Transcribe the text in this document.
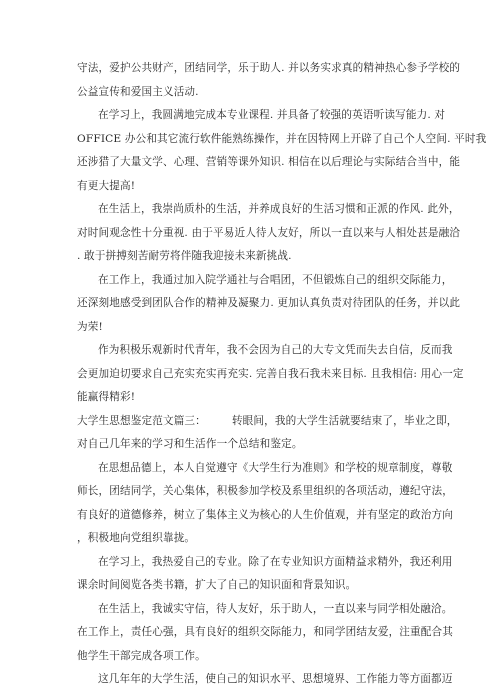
守法，爱护公共财产，团结同学，乐于助人. 并以务实求真的精神热心参予学校的
公益宣传和爱国主义活动.
在学习上，我圆满地完成本专业课程. 并具备了较强的英语听读写能力. 对
OFFICE 办公和其它流行软件能熟练操作，并在因特网上开辟了自己个人空间. 平时我
还涉猎了大量文学、心理、营销等课外知识. 相信在以后理论与实际结合当中，能
有更大提高!
在生活上，我崇尚质朴的生活，并养成良好的生活习惯和正派的作风. 此外，
对时间观念性十分重视. 由于平易近人待人友好，所以一直以来与人相处甚是融洽
. 敢于拼搏刻苦耐劳将伴随我迎接未来新挑战.
在工作上，我通过加入院学通社与合唱团，不但锻炼自己的组织交际能力，
还深刻地感受到团队合作的精神及凝聚力. 更加认真负责对待团队的任务，并以此
为荣!
作为积极乐观新时代青年，我不会因为自己的大专文凭而失去自信，反而我
会更加迫切要求自己充实充实再充实. 完善自我石我未来目标. 且我相信: 用心一定
能赢得精彩!
大学生思想鉴定范文篇三： 转眼间，我的大学生活就要结束了，毕业之即，
对自己几年来的学习和生活作一个总结和鉴定。
在思想品德上，本人自觉遵守《大学生行为准则》和学校的规章制度，尊敬
师长，团结同学，关心集体，积极参加学校及系里组织的各项活动，遵纪守法，
有良好的道德修养，树立了集体主义为核心的人生价值观，并有坚定的政治方向
，积极地向党组织靠拢。
在学习上，我热爱自己的专业。除了在专业知识方面精益求精外，我还利用
课余时间阅览各类书籍，扩大了自己的知识面和背景知识。
在生活上，我诚实守信，待人友好，乐于助人，一直以来与同学相处融洽。
在工作上，责任心强，具有良好的组织交际能力，和同学团结友爱，注重配合其
他学生干部完成各项工作。
这几年年的大学生活，使自己的知识水平、思想境界、工作能力等方面都迈
